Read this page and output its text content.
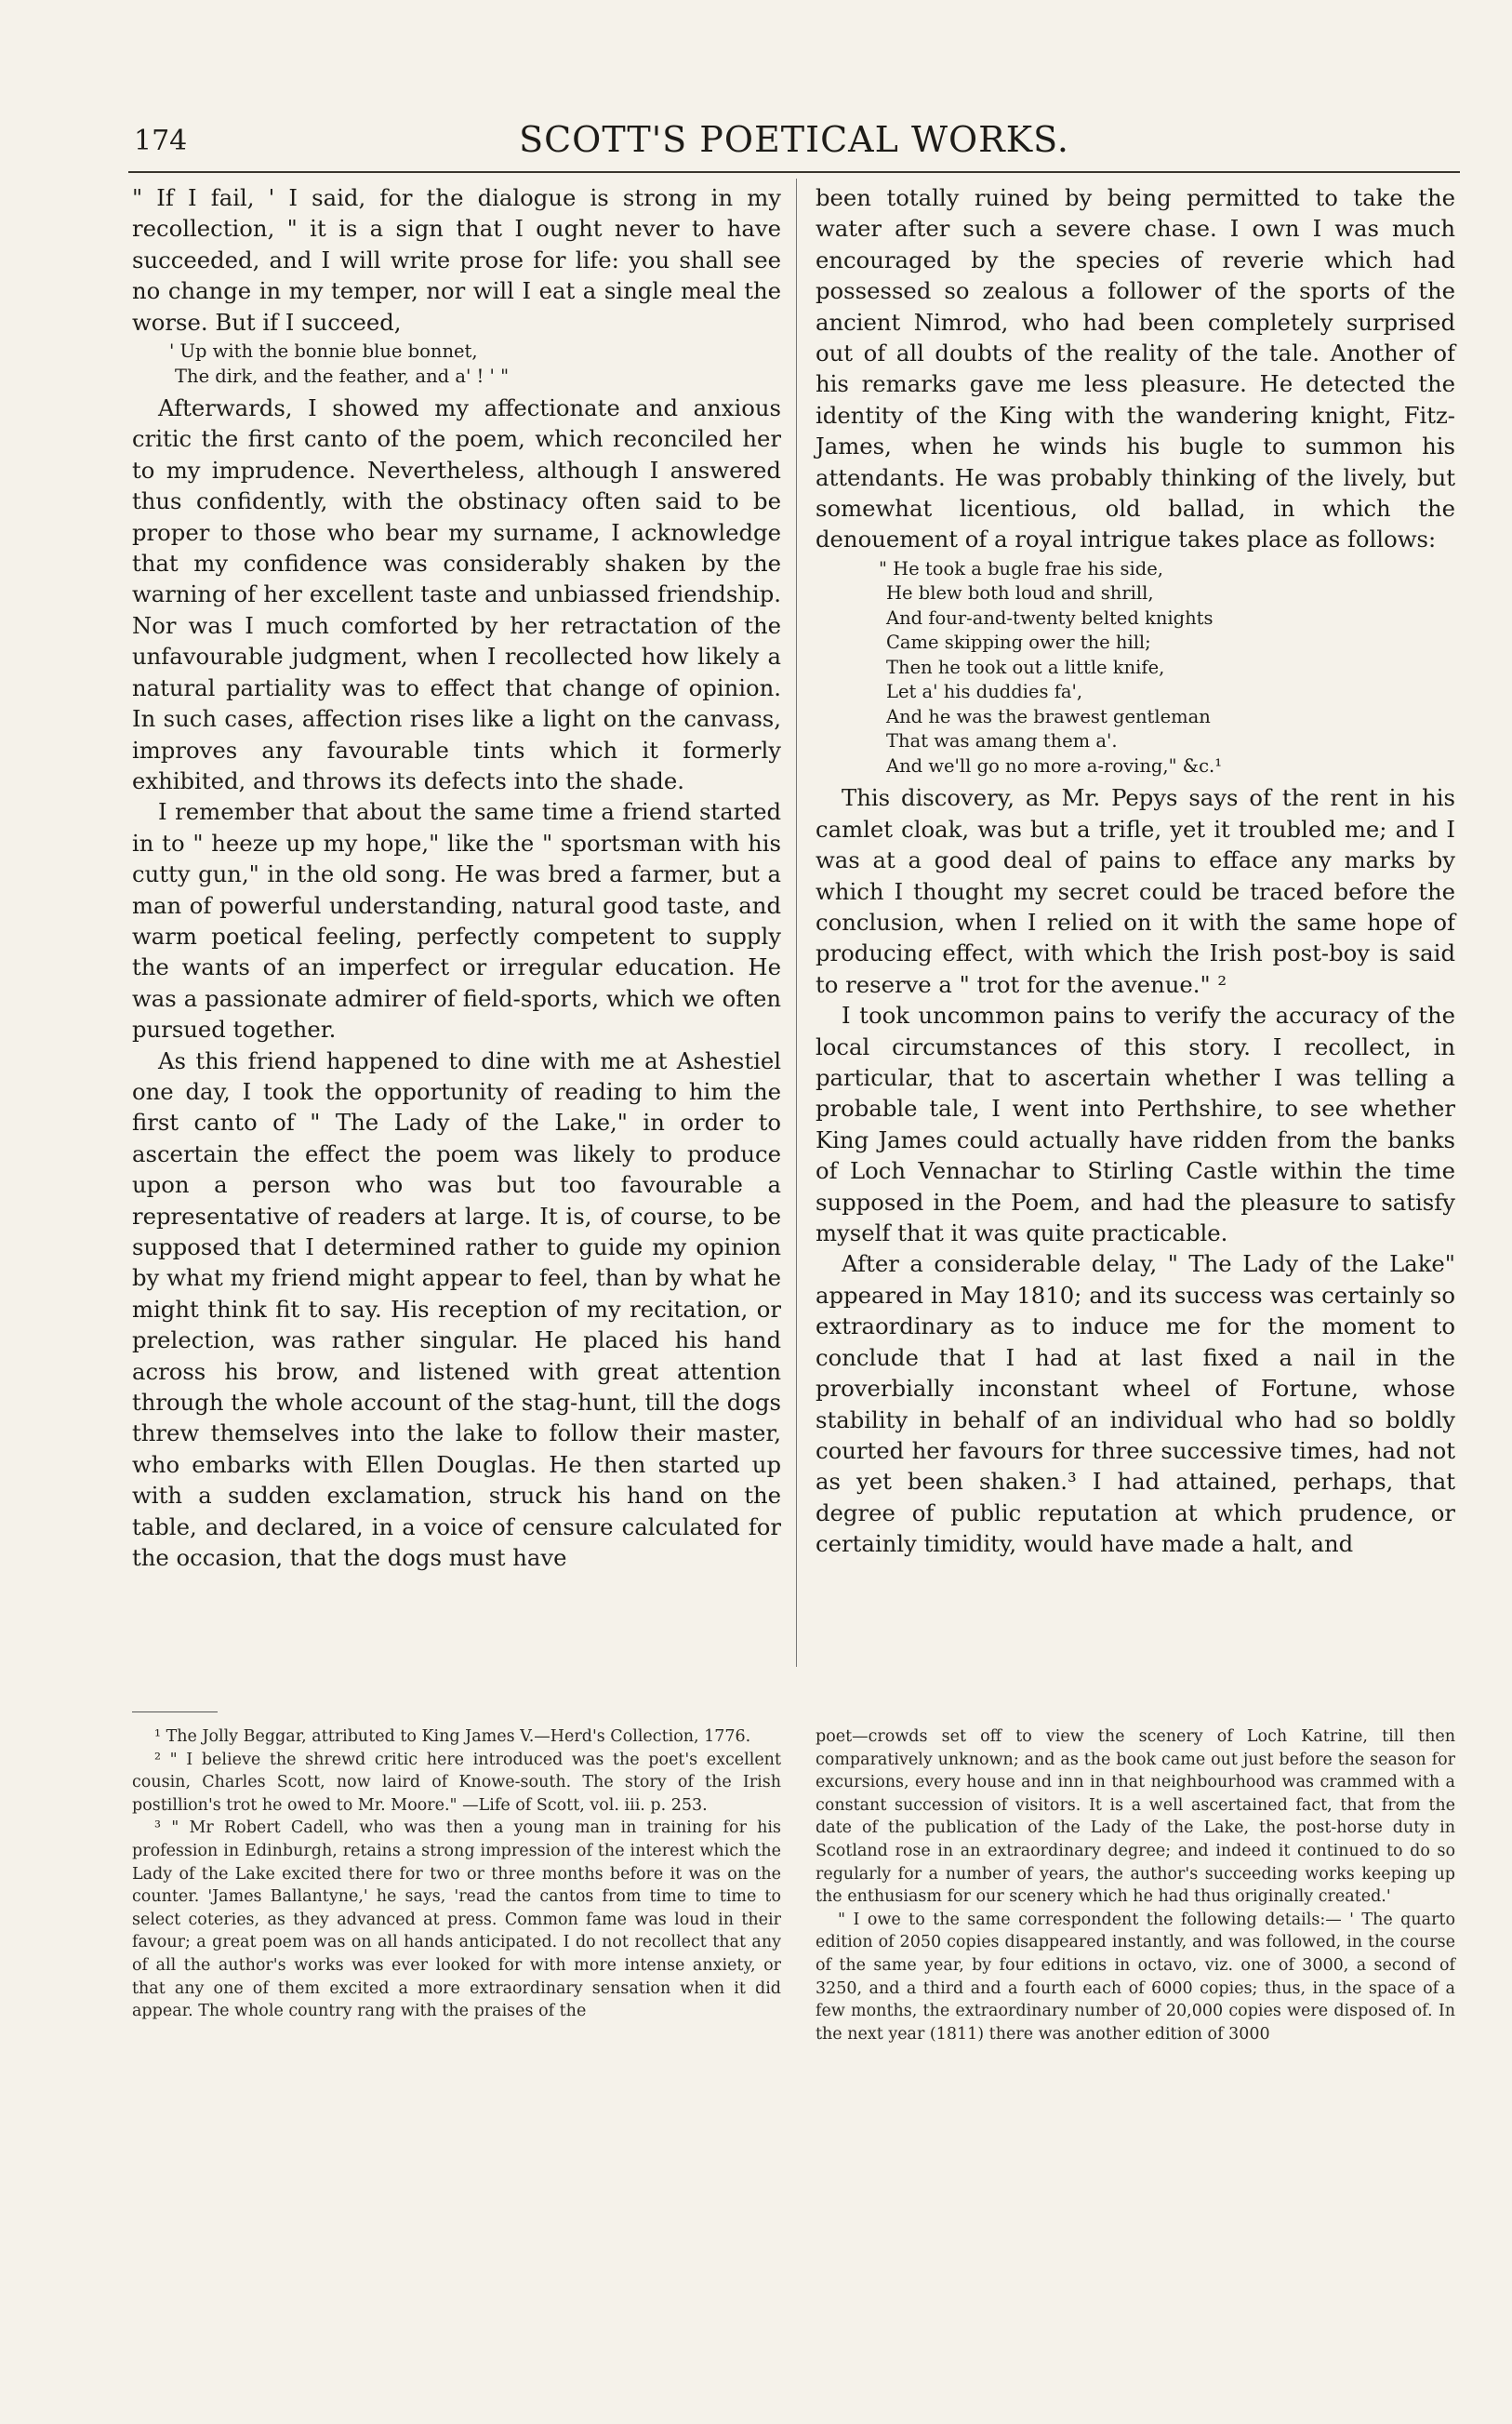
174	SCOTT'S POETICAL WORKS.

" If I fail, ' I said, for the dialogue is strong in my recollection, " it is a sign that I ought never to have succeeded, and I will write prose for life: you shall see no change in my temper, nor will I eat a single meal the worse. But if I succeed,

' Up with the bonnie blue bonnet,
The dirk, and the feather, and a' ! ' "

Afterwards, I showed my affectionate and anxious critic the first canto of the poem, which reconciled her to my imprudence. Nevertheless, although I answered thus confidently, with the obstinacy often said to be proper to those who bear my surname, I acknowledge that my confidence was considerably shaken by the warning of her excellent taste and unbiassed friendship. Nor was I much comforted by her retractation of the unfavourable judgment, when I recollected how likely a natural partiality was to effect that change of opinion. In such cases, affection rises like a light on the canvass, improves any favourable tints which it formerly exhibited, and throws its defects into the shade.

I remember that about the same time a friend started in to " heeze up my hope," like the " sportsman with his cutty gun," in the old song. He was bred a farmer, but a man of powerful understanding, natural good taste, and warm poetical feeling, perfectly competent to supply the wants of an imperfect or irregular education. He was a passionate admirer of field-sports, which we often pursued together.

As this friend happened to dine with me at Ashestiel one day, I took the opportunity of reading to him the first canto of " The Lady of the Lake," in order to ascertain the effect the poem was likely to produce upon a person who was but too favourable a representative of readers at large. It is, of course, to be supposed that I determined rather to guide my opinion by what my friend might appear to feel, than by what he might think fit to say. His reception of my recitation, or prelection, was rather singular. He placed his hand across his brow, and listened with great attention through the whole account of the stag-hunt, till the dogs threw themselves into the lake to follow their master, who embarks with Ellen Douglas. He then started up with a sudden exclamation, struck his hand on the table, and declared, in a voice of censure calculated for the occasion, that the dogs must have

been totally ruined by being permitted to take the water after such a severe chase. I own I was much encouraged by the species of reverie which had possessed so zealous a follower of the sports of the ancient Nimrod, who had been completely surprised out of all doubts of the reality of the tale. Another of his remarks gave me less pleasure. He detected the identity of the King with the wandering knight, Fitz-James, when he winds his bugle to summon his attendants. He was probably thinking of the lively, but somewhat licentious, old ballad, in which the denouement of a royal intrigue takes place as follows:

" He took a bugle frae his side,
He blew both loud and shrill,
And four-and-twenty belted knights
Came skipping ower the hill;
Then he took out a little knife,
Let a' his duddies fa',
And he was the brawest gentleman
That was amang them a'.
And we'll go no more a-roving," &c.¹

This discovery, as Mr. Pepys says of the rent in his camlet cloak, was but a trifle, yet it troubled me; and I was at a good deal of pains to efface any marks by which I thought my secret could be traced before the conclusion, when I relied on it with the same hope of producing effect, with which the Irish post-boy is said to reserve a " trot for the avenue." ²

I took uncommon pains to verify the accuracy of the local circumstances of this story. I recollect, in particular, that to ascertain whether I was telling a probable tale, I went into Perthshire, to see whether King James could actually have ridden from the banks of Loch Vennachar to Stirling Castle within the time supposed in the Poem, and had the pleasure to satisfy myself that it was quite practicable.

After a considerable delay, " The Lady of the Lake" appeared in May 1810; and its success was certainly so extraordinary as to induce me for the moment to conclude that I had at last fixed a nail in the proverbially inconstant wheel of Fortune, whose stability in behalf of an individual who had so boldly courted her favours for three successive times, had not as yet been shaken.³ I had attained, perhaps, that degree of public reputation at which prudence, or certainly timidity, would have made a halt, and

¹ The Jolly Beggar, attributed to King James V.—Herd's Collection, 1776.

² " I believe the shrewd critic here introduced was the poet's excellent cousin, Charles Scott, now laird of Knowe-south. The story of the Irish postillion's trot he owed to Mr. Moore." —Life of Scott, vol. iii. p. 253.

³ " Mr Robert Cadell, who was then a young man in training for his profession in Edinburgh, retains a strong impression of the interest which the Lady of the Lake excited there for two or three months before it was on the counter. 'James Ballantyne,' he says, 'read the cantos from time to time to select coteries, as they advanced at press. Common fame was loud in their favour; a great poem was on all hands anticipated. I do not recollect that any of all the author's works was ever looked for with more intense anxiety, or that any one of them excited a more extraordinary sensation when it did appear. The whole country rang with the praises of the

poet—crowds set off to view the scenery of Loch Katrine, till then comparatively unknown; and as the book came out just before the season for excursions, every house and inn in that neighbourhood was crammed with a constant succession of visitors. It is a well ascertained fact, that from the date of the publication of the Lady of the Lake, the post-horse duty in Scotland rose in an extraordinary degree; and indeed it continued to do so regularly for a number of years, the author's succeeding works keeping up the enthusiasm for our scenery which he had thus originally created.'

" I owe to the same correspondent the following details:— ' The quarto edition of 2050 copies disappeared instantly, and was followed, in the course of the same year, by four editions in octavo, viz. one of 3000, a second of 3250, and a third and a fourth each of 6000 copies; thus, in the space of a few months, the extraordinary number of 20,000 copies were disposed of. In the next year (1811) there was another edition of 3000
